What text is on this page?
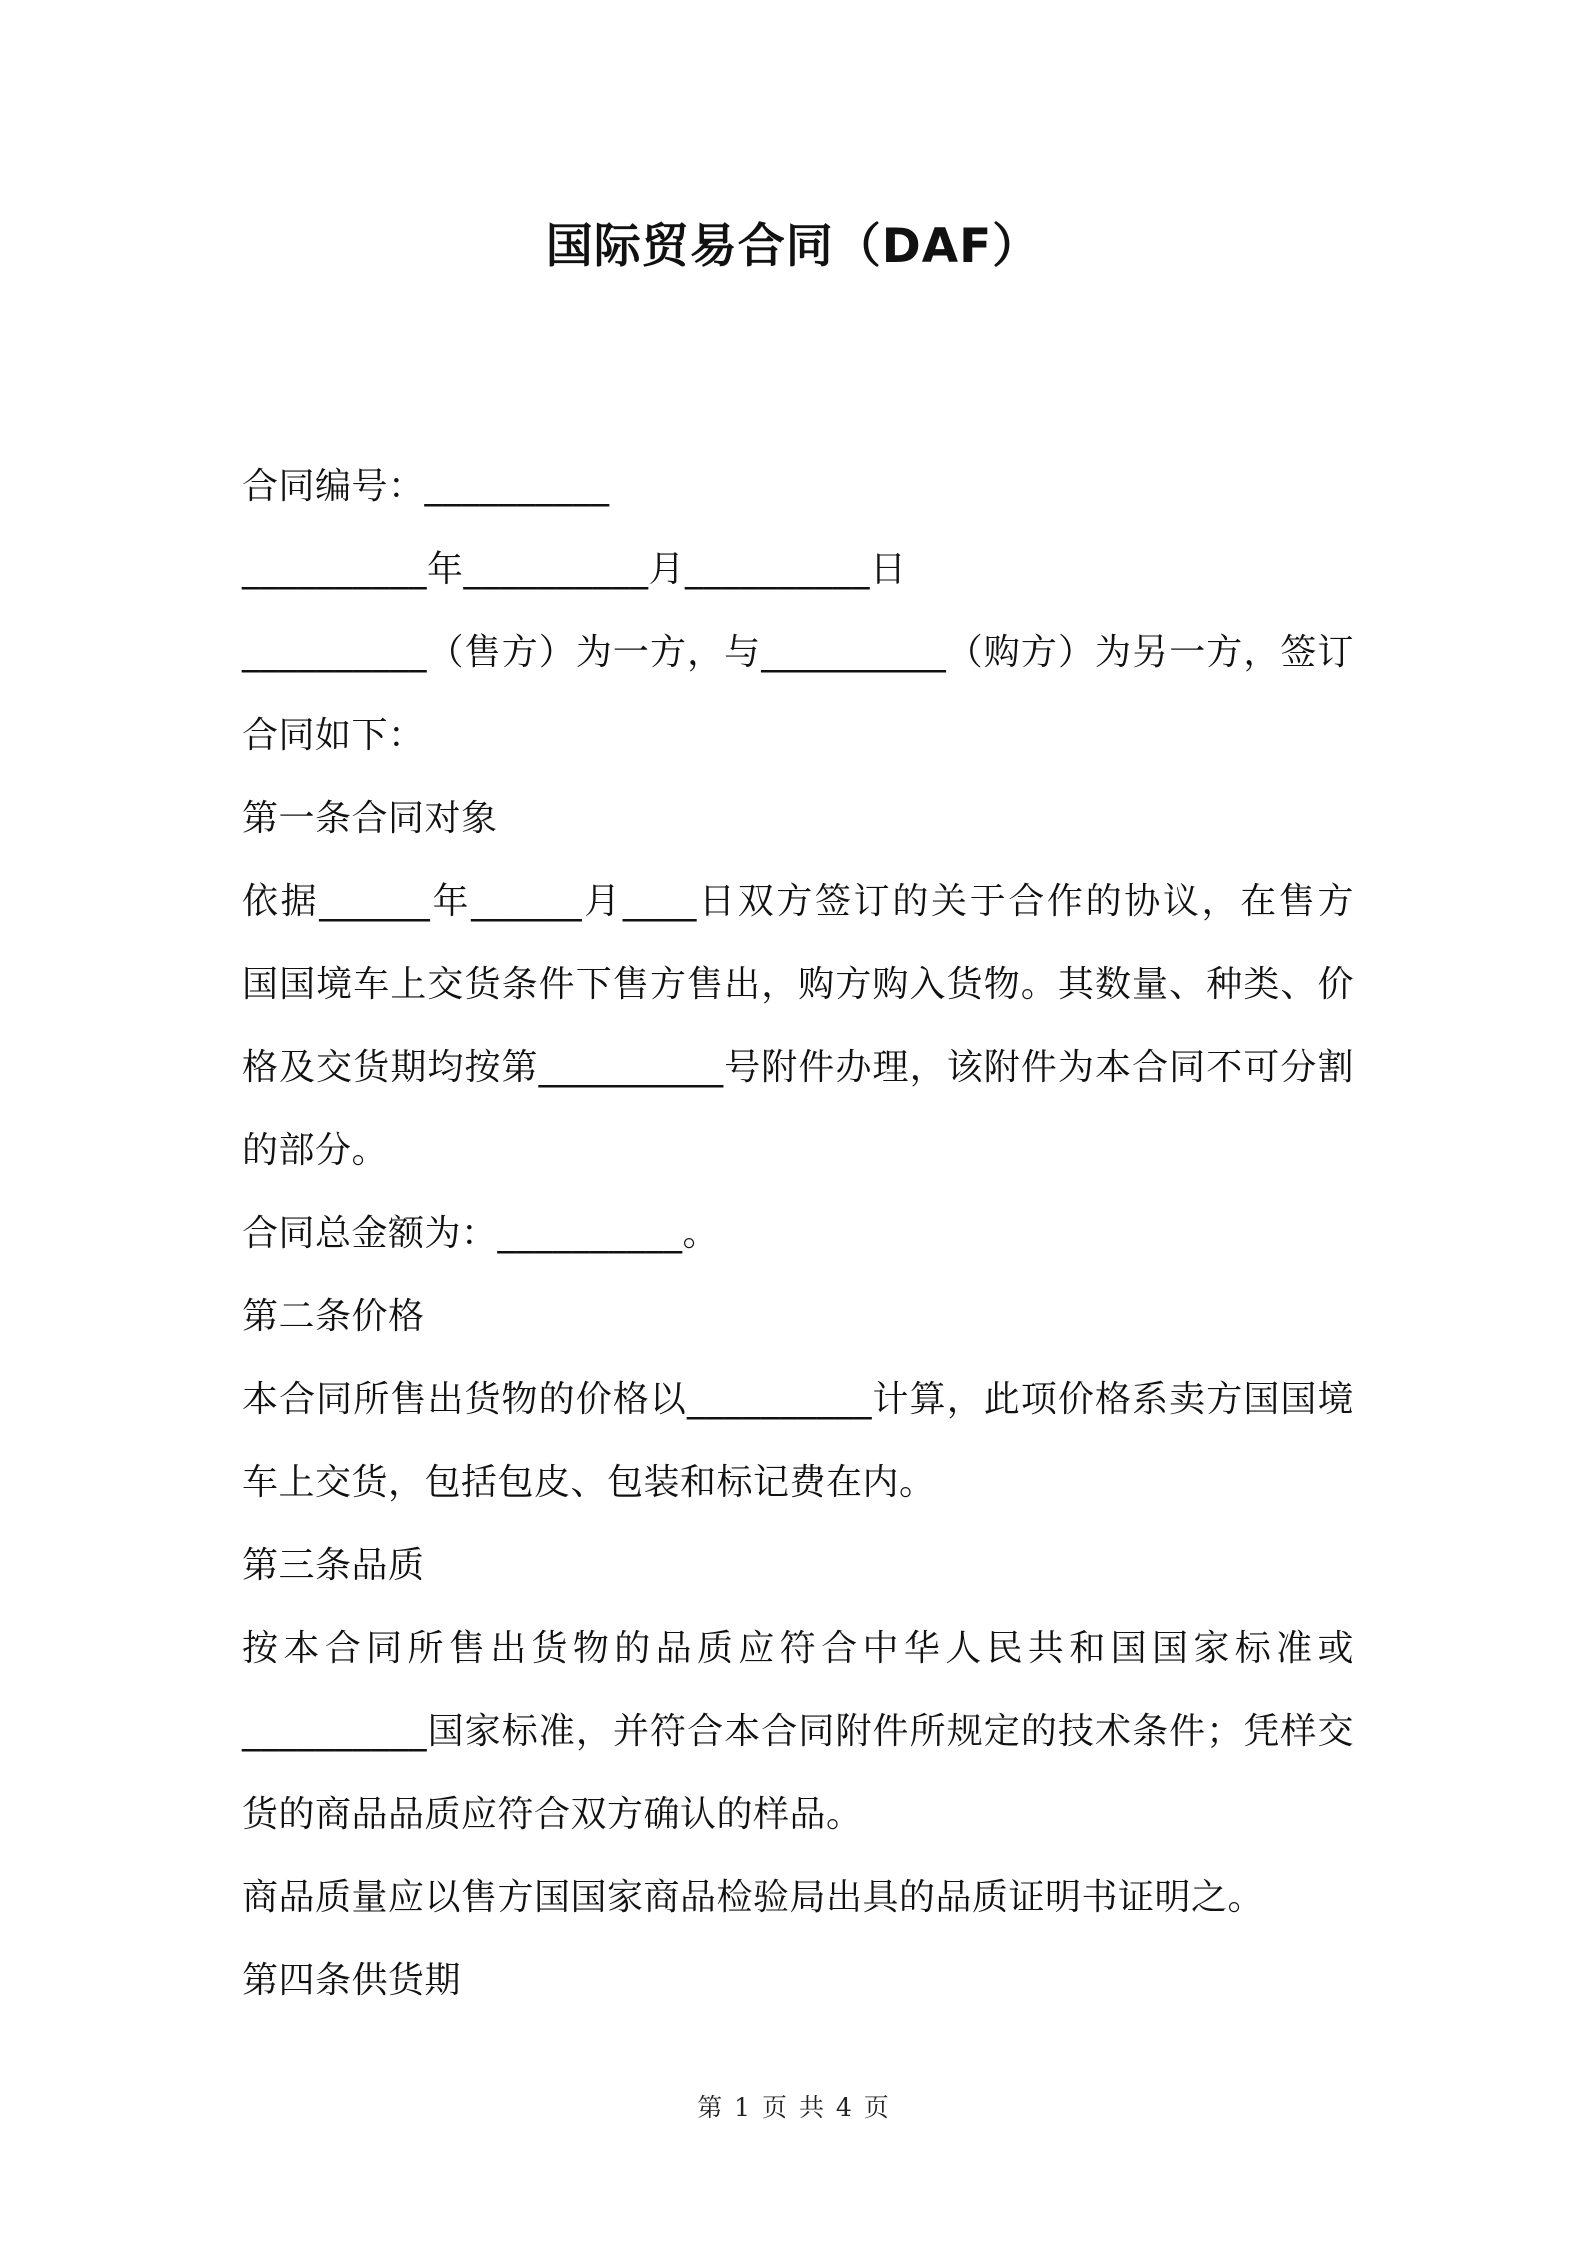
国际贸易合同（DAF）
合同编号：__________
__________年__________月__________日
__________（售方）为一方，与__________（购方）为另一方，签订
合同如下：
第一条合同对象
依据______年______月____日双方签订的关于合作的协议，在售方
国国境车上交货条件下售方售出，购方购入货物。其数量、种类、价
格及交货期均按第__________号附件办理，该附件为本合同不可分割
的部分。
合同总金额为：__________。
第二条价格
本合同所售出货物的价格以__________计算，此项价格系卖方国国境
车上交货，包括包皮、包装和标记费在内。
第三条品质
按本合同所售出货物的品质应符合中华人民共和国国家标准或
__________国家标准，并符合本合同附件所规定的技术条件；凭样交
货的商品品质应符合双方确认的样品。
商品质量应以售方国国家商品检验局出具的品质证明书证明之。
第四条供货期
第 1 页 共 4 页
